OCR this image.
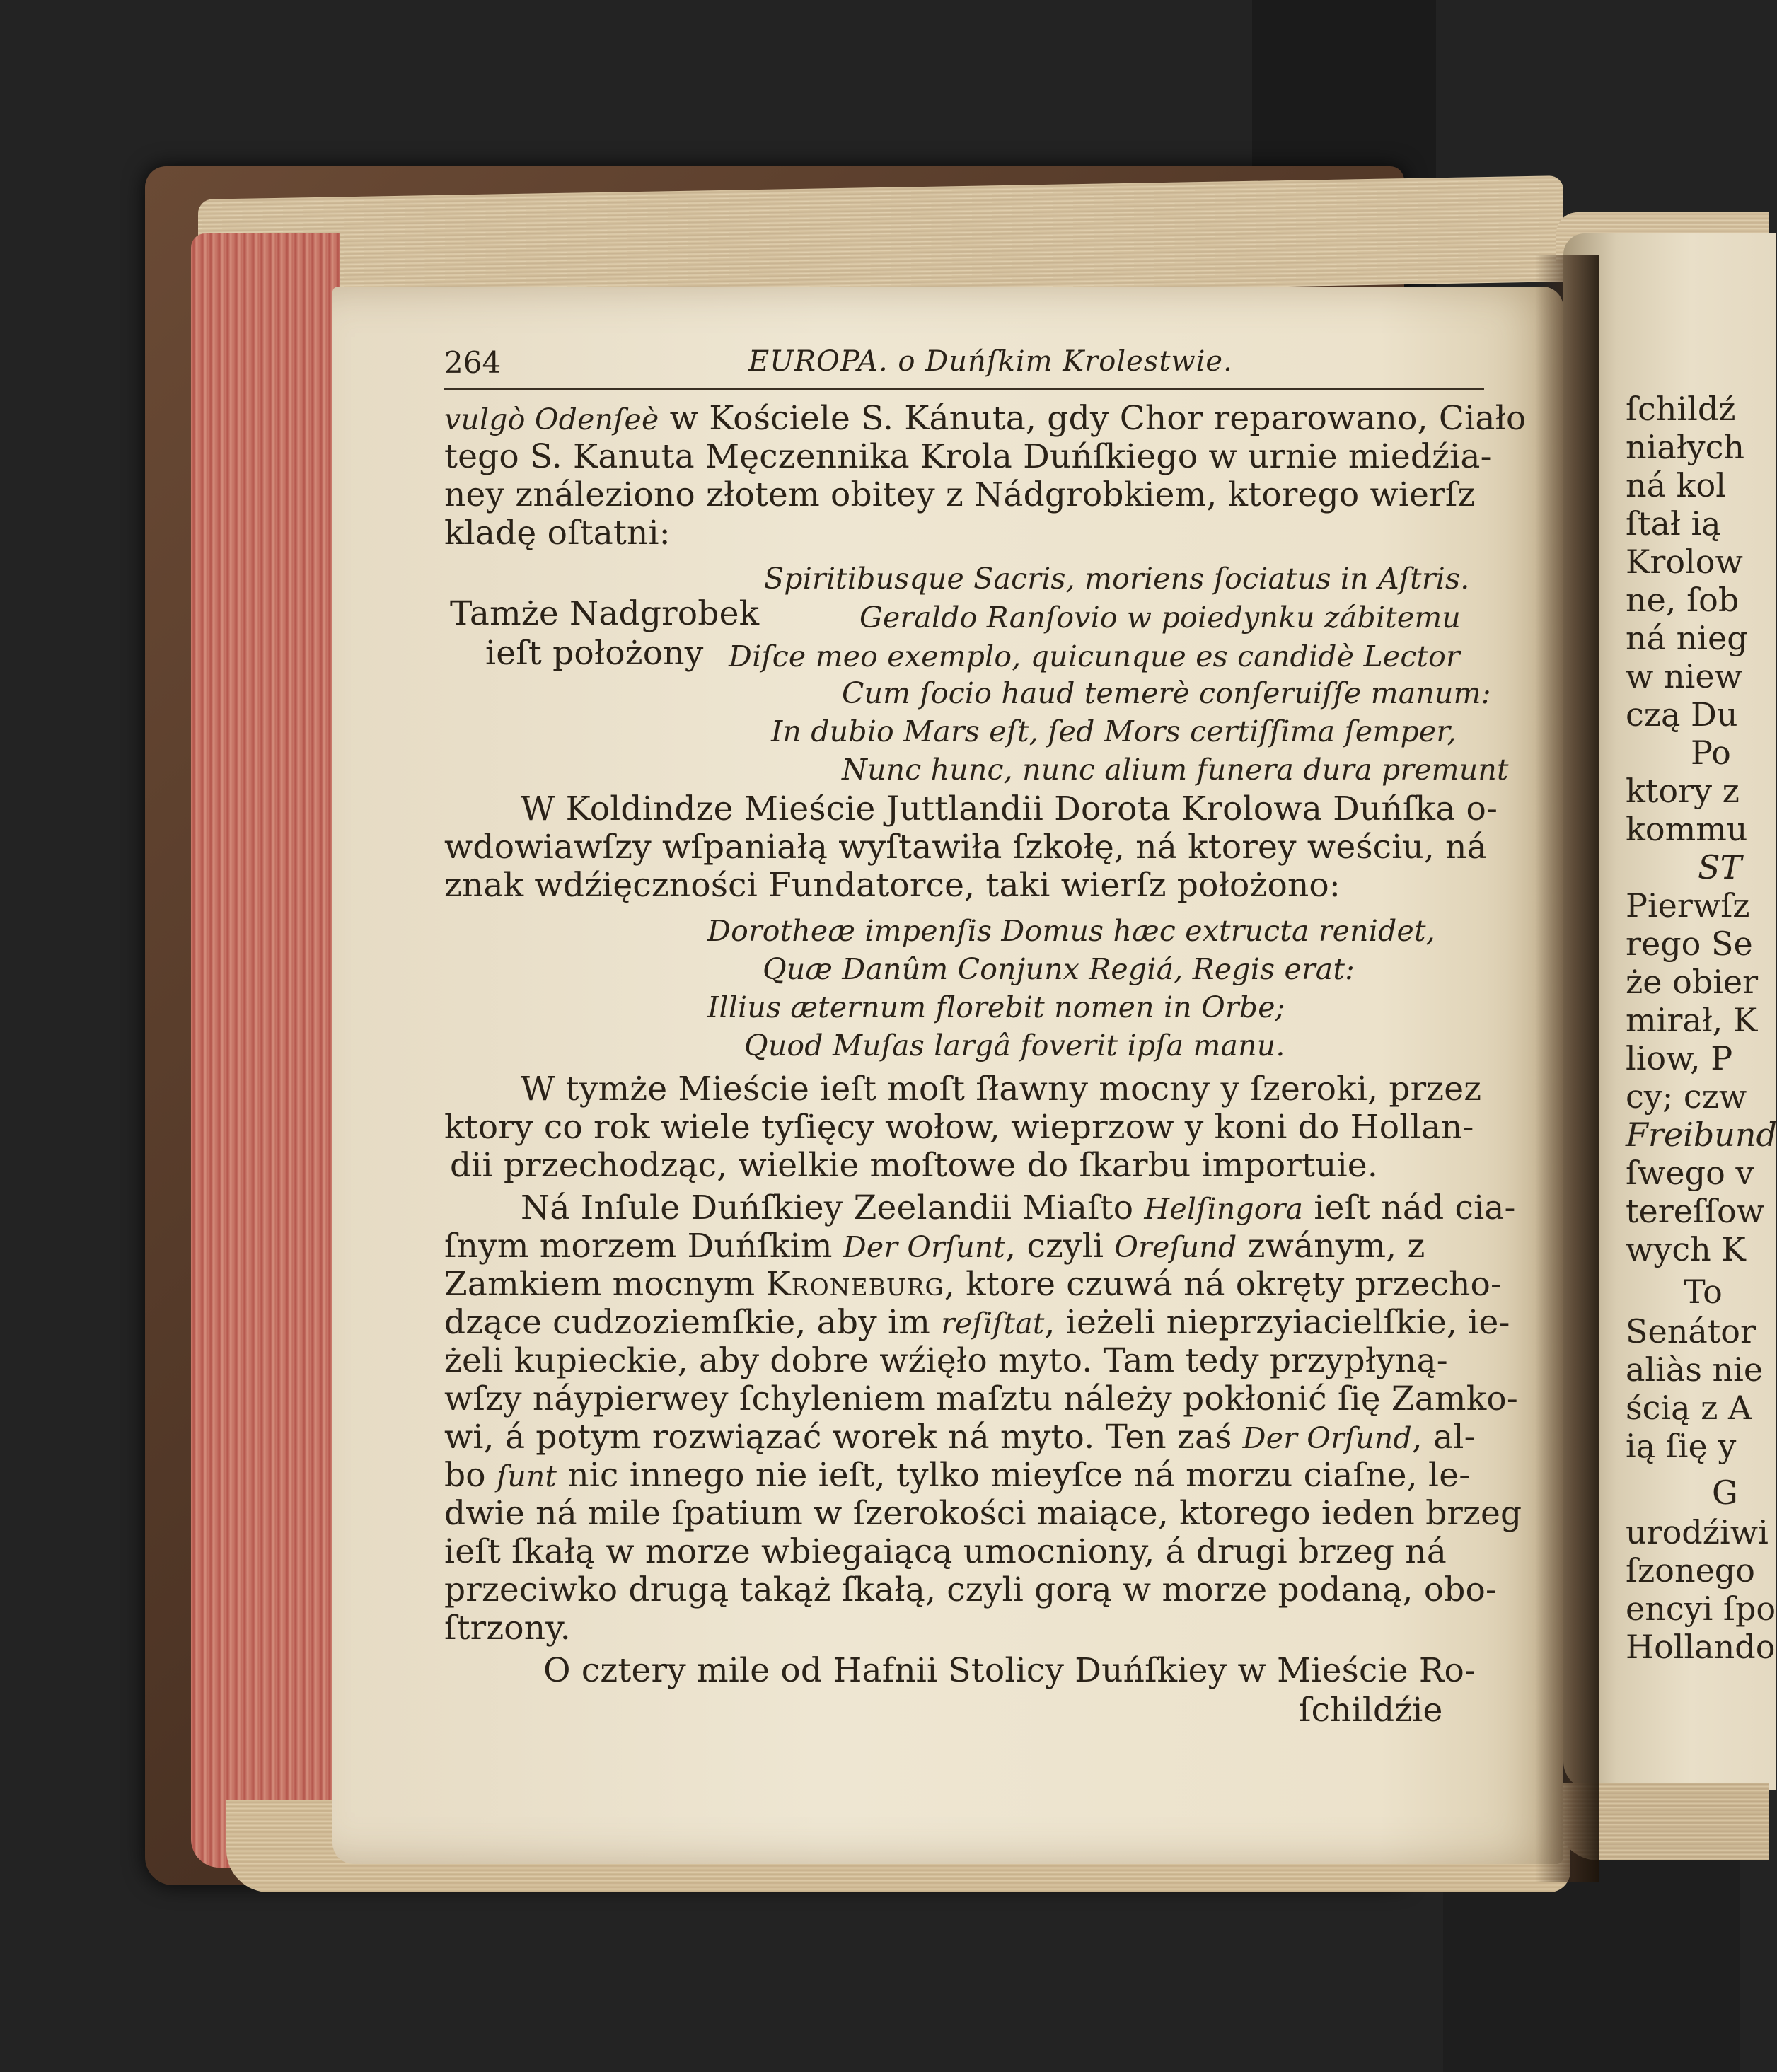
264	EUROPA. o Duńſkim Krolestwie.
vulgò Odenſeè w Kościele S. Kánuta, gdy Chor reparowano, Ciało
tego S. Kanuta Męczennika Krola Duńſkiego w urnie miedźia-
ney ználeziono złotem obitey z Nádgrobkiem, ktorego wierſz
kladę oſtatni:
Spiritibusque Sacris, moriens ſociatus in Aſtris.
Tamże Nadgrobek	Geraldo Ranſovio w poiedynku zábitemu
ieſt położony Diſce meo exemplo, quicunque es candidè Lector
Cum ſocio haud temerè conſeruiſſe manum:
In dubio Mars eſt, ſed Mors certiſſima ſemper,
Nunc hunc, nunc alium funera dura premunt
W Koldindze Mieście Juttlandii Dorota Krolowa Duńſka o-
wdowiawſzy wſpaniałą wyſtawiła ſzkołę, ná ktorey weściu, ná
znak wdźięczności Fundatorce, taki wierſz położono:
Dorotheæ impenſis Domus hæc extructa renidet,
Quæ Danûm Conjunx Regiá, Regis erat:
Illius æternum florebit nomen in Orbe;
Quod Muſas largâ foverit ipſa manu.
W tymże Mieście ieſt moſt ſławny mocny y ſzeroki, przez
ktory co rok wiele tyſięcy wołow, wieprzow y koni do Hollan-
dii przechodząc, wielkie moſtowe do ſkarbu importuie.
Ná Inſule Duńſkiey Zeelandii Miaſto Helſingora ieſt nád cia-
ſnym morzem Duńſkim Der Orſunt, czyli Oreſund zwánym, z
Zamkiem mocnym Kroneburg, ktore czuwá ná okręty przecho-
dzące cudzoziemſkie, aby im reſiſtat, ieżeli nieprzyiacielſkie, ie-
żeli kupieckie, aby dobre wźięło myto. Tam tedy przypłyną-
wſzy náypierwey ſchyleniem maſztu náleży pokłonić ſię Zamko-
wi, á potym rozwiązać worek ná myto. Ten zaś Der Orſund, al-
bo ſunt nic innego nie ieſt, tylko mieyſce ná morzu ciaſne, le-
dwie ná mile ſpatium w ſzerokości maiące, ktorego ieden brzeg
ieſt ſkałą w morze wbiegaiącą umocniony, á drugi brzeg ná
przeciwko drugą takąż ſkałą, czyli gorą w morze podaną, obo-
ſtrzony.
O cztery mile od Hafnii Stolicy Duńſkiey w Mieście Ro-
ſchildźie
ſchildź
niałych
ná kol
ſtał ią
Krolow
ne, ſob
ná nieg
w niew
czą Du
Po
ktory z
kommu
ST
Pierwſz
rego Se
że obier
mirał, K
liow, P
cy; czw
Freibund
ſwego v
tereſſow
wych K
To
Senátor
aliàs nie
ścią z A
ią ſię y
G
urodźiwi
ſzonego
encyi ſpo
Hollando
